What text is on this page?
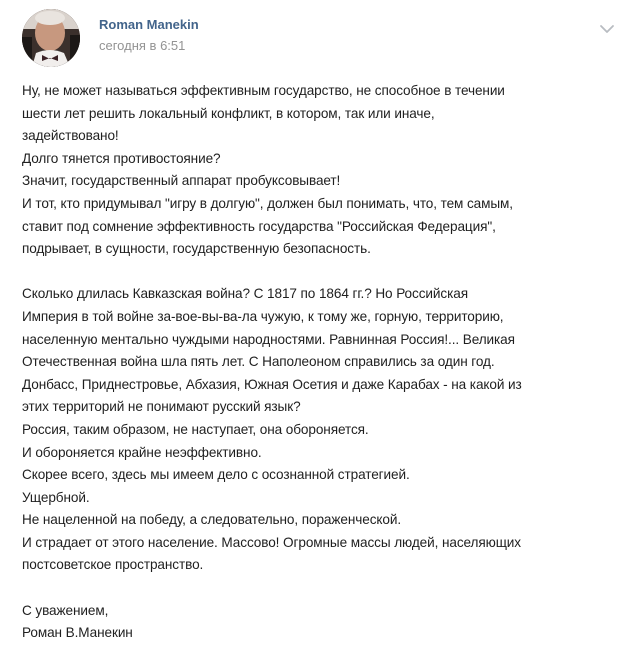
Roman Manekin
сегодня в 6:51
Ну, не может называться эффективным государство, не способное в течении
шести лет решить локальный конфликт, в котором, так или иначе,
задействовано!
Долго тянется противостояние?
Значит, государственный аппарат пробуксовывает!
И тот, кто придумывал "игру в долгую", должен был понимать, что, тем самым,
ставит под сомнение эффективность государства "Российская Федерация",
подрывает, в сущности, государственную безопасность.
Сколько длилась Кавказская война? С 1817 по 1864 гг.? Но Российская
Империя в той войне за-вое-вы-ва-ла чужую, к тому же, горную, территорию,
населенную ментально чуждыми народностями. Равнинная Россия!... Великая
Отечественная война шла пять лет. С Наполеоном справились за один год.
Донбасс, Приднестровье, Абхазия, Южная Осетия и даже Карабах - на какой из
этих территорий не понимают русский язык?
Россия, таким образом, не наступает, она обороняется.
И обороняется крайне неэффективно.
Скорее всего, здесь мы имеем дело с осознанной стратегией.
Ущербной.
Не нацеленной на победу, а следовательно, пораженческой.
И страдает от этого население. Массово! Огромные массы людей, населяющих
постсоветское пространство.
С уважением,
Роман В.Манекин
